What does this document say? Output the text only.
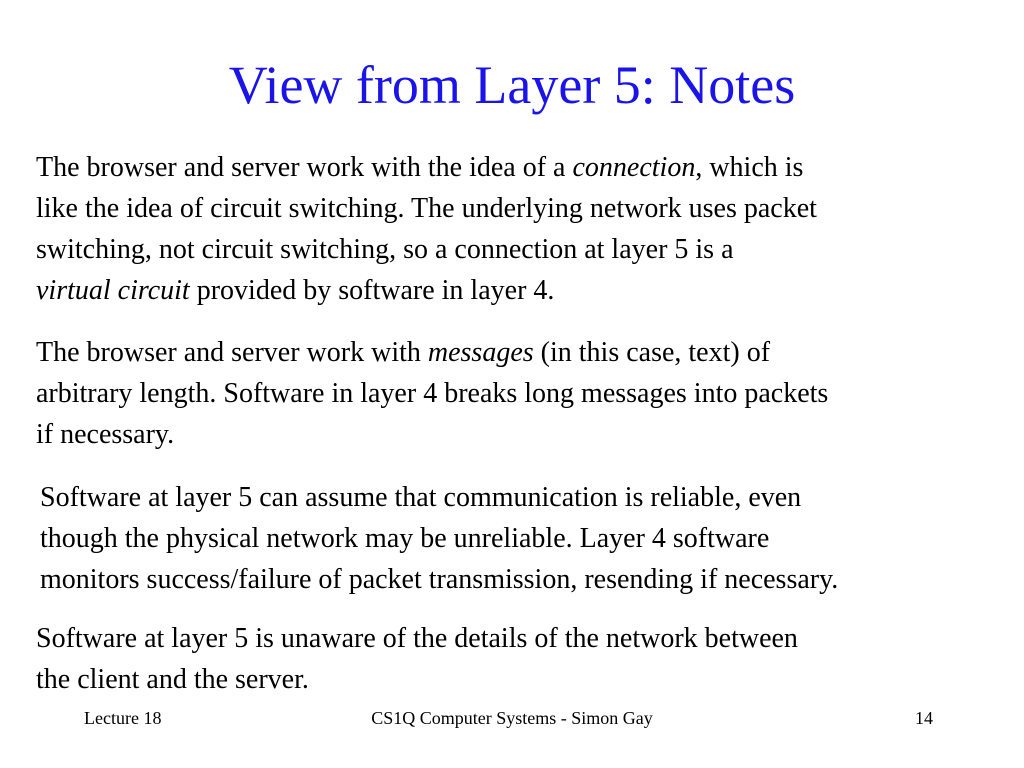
View from Layer 5: Notes
The browser and server work with the idea of a connection, which is
like the idea of circuit switching. The underlying network uses packet
switching, not circuit switching, so a connection at layer 5 is a
virtual circuit provided by software in layer 4.
The browser and server work with messages (in this case, text) of
arbitrary length. Software in layer 4 breaks long messages into packets
if necessary.
Software at layer 5 can assume that communication is reliable, even
though the physical network may be unreliable. Layer 4 software
monitors success/failure of packet transmission, resending if necessary.
Software at layer 5 is unaware of the details of the network between
the client and the server.
Lecture 18	CS1Q Computer Systems - Simon Gay	14
